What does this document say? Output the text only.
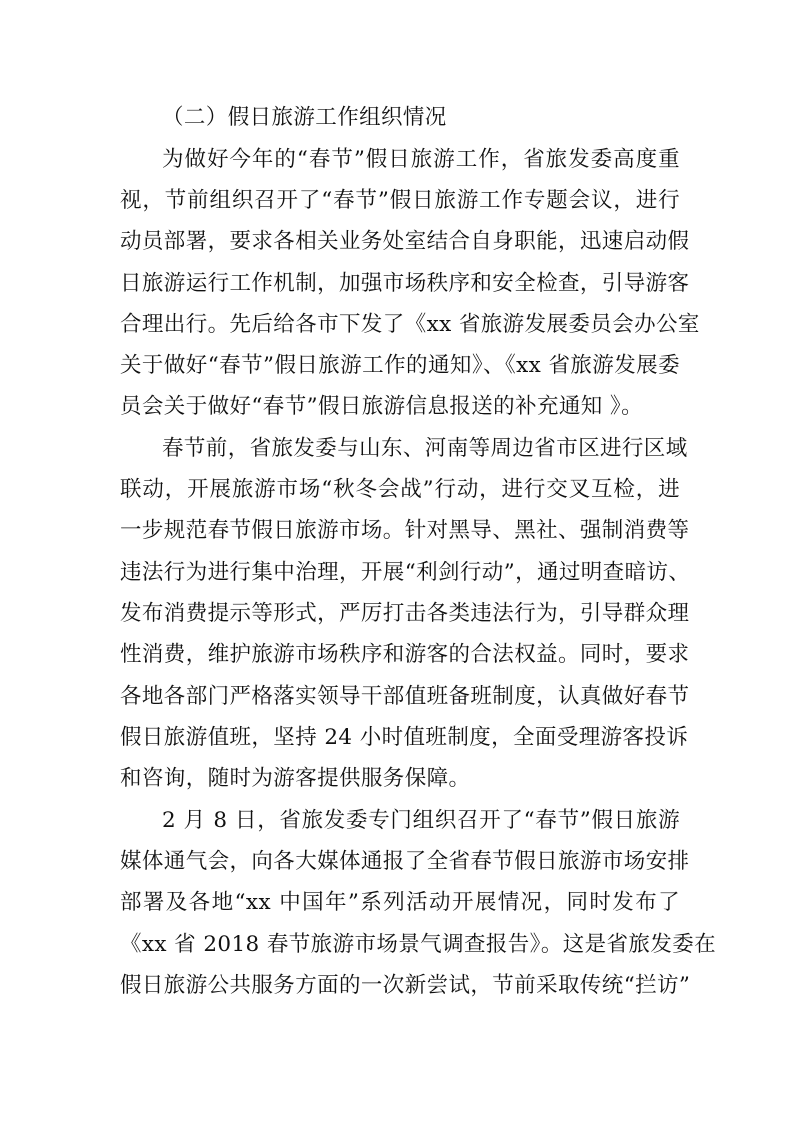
（二）假日旅游工作组织情况
为做好今年的“春节”假日旅游工作，省旅发委高度重
视，节前组织召开了“春节”假日旅游工作专题会议，进行
动员部署，要求各相关业务处室结合自身职能，迅速启动假
日旅游运行工作机制，加强市场秩序和安全检查，引导游客
合理出行。先后给各市下发了《xx 省旅游发展委员会办公室
关于做好“春节”假日旅游工作的通知》、《xx 省旅游发展委
员会关于做好“春节”假日旅游信息报送的补充通知 》。
春节前，省旅发委与山东、河南等周边省市区进行区域
联动，开展旅游市场“秋冬会战”行动，进行交叉互检，进
一步规范春节假日旅游市场。针对黑导、黑社、强制消费等
违法行为进行集中治理，开展“利剑行动”，通过明查暗访、
发布消费提示等形式，严厉打击各类违法行为，引导群众理
性消费，维护旅游市场秩序和游客的合法权益。同时，要求
各地各部门严格落实领导干部值班备班制度，认真做好春节
假日旅游值班，坚持 24 小时值班制度，全面受理游客投诉
和咨询，随时为游客提供服务保障。
2 月 8 日，省旅发委专门组织召开了“春节”假日旅游
媒体通气会，向各大媒体通报了全省春节假日旅游市场安排
部署及各地“xx 中国年”系列活动开展情况，同时发布了
《xx 省 2018 春节旅游市场景气调查报告》。这是省旅发委在
假日旅游公共服务方面的一次新尝试，节前采取传统“拦访”
